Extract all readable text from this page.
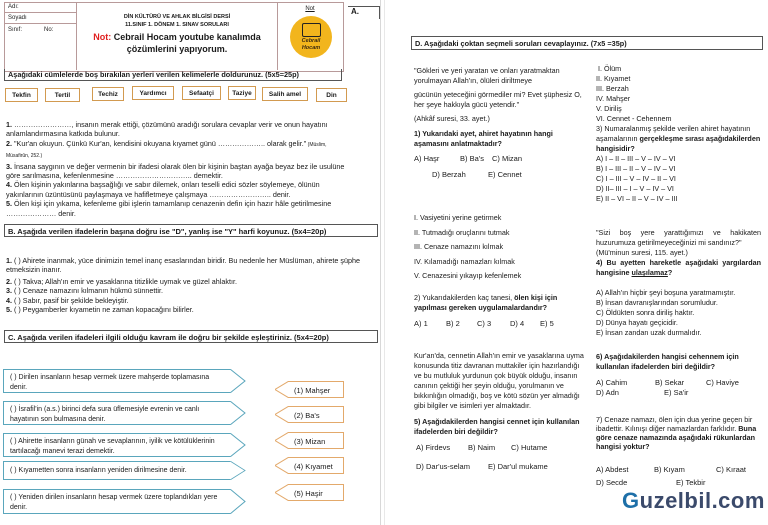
Adı:
Soyadı
Sınıf:	No:
DİN KÜLTÜRÜ VE AHLAK BİLGİSİ DERSİ
11.SINIF 1. DÖNEM 1. SINAV SORULARI
Not: Cebrail Hocam youtube kanalımda çözümlerini yapıyorum.
Not
Cebrail
Hocam
A.
Aşağıdaki cümlelerde boş bırakılan yerleri verilen kelimelerle doldurunuz. (5x5=25p)
Tekfin	Tertil	Techiz	Yardımcı	Sefaatçi	Taziye	Salih amel	Din
1. ……………………, insanın merak ettiği, çözümünü aradığı sorulara cevaplar verir ve onun hayatını anlamlandırmasına katkıda bulunur.
2. "Kur'an okuyun. Çünkü Kur'an, kendisini okuyana kıyamet günü ……………….. olarak gelir." (Müslim, Müsafirûn, 252.)
3. İnsana saygının ve değer vermenin bir ifadesi olarak ölen bir kişinin baştan ayağa beyaz bez ile usulüne göre sarılmasına, kefenlenmesine ………………………….. demektir.
4. Ölen kişinin yakınlarına başsağlığı ve sabır dilemek, onları teselli edici sözler söylemeye, ölünün yakınlarının üzüntüsünü paylaşmaya ve hafifletmeye çalışmaya …………………….. denir.
5. Ölen kişi için yıkama, kefenleme gibi işlerin tamamlanıp cenazenin defin için hazır hâle getirilmesine ………………… denir.
B. Aşağıda verilen ifadelerin başına doğru ise "D", yanlış ise "Y" harfi koyunuz. (5x4=20p)
1. ( ) Ahirete inanmak, yüce dinimizin temel inanç esaslarından biridir. Bu nedenle her Müslüman, ahirete şüphe etmeksizin inanır.
2. ( ) Takva; Allah'ın emir ve yasaklarına titizlikle uymak ve güzel ahlaktır.
3. ( ) Cenaze namazını kılmanın hükmü sünnettir.
4. ( ) Sabır, pasif bir şekilde bekleyiştir.
5. ( ) Peygamberler kıyametin ne zaman kopacağını bilirler.
C. Aşağıda verilen ifadeleri ilgili olduğu kavram ile doğru bir şekilde eşleştiriniz. (5x4=20p)
( ) Dirilen insanların hesap vermek üzere mahşerde toplamasına denir.
( ) İsrafil'in (a.s.) birinci defa sura üflemesiyle evrenin ve canlı hayatının son bulmasına denir.
( ) Ahirette insanların günah ve sevaplarının, iyilik ve kötülüklerinin tartılacağı manevi terazi demektir.
( ) Kıyametten sonra insanların yeniden dirilmesine denir.
( ) Yeniden dirilen insanların hesap vermek üzere toplandıkları yere denir.
(1) Mahşer
(2) Ba's
(3) Mizan
(4) Kıyamet
(5) Haşir
D. Aşağıdaki çoktan seçmeli soruları cevaplayınız. (7x5 =35p)
"Gökleri ve yeri yaratan ve onları yaratmaktan yorulmayan Allah'ın, ölüleri diriltmeye
gücünün yeteceğini görmediler mi? Evet şüphesiz O, her şeye hakkıyla gücü yetendir."
(Ahkâf suresi, 33. ayet.)
1) Yukarıdaki ayet, ahiret hayatının hangi aşamasını anlatmaktadır?
A) Haşr	B) Ba's C) Mizan
D) Berzah	E) Cennet
I. Vasiyetini yerine getirmek
II. Tutmadığı oruçlarını tutmak
III. Cenaze namazını kılmak
IV. Kılamadığı namazları kılmak
V. Cenazesini yıkayıp kefenlemek
2) Yukarıdakilerden kaç tanesi, ölen kişi için yapılması gereken uygulamalardandır?
A) 1 B) 2 C) 3	D) 4 E) 5
Kur'an'da, cennetin Allah'ın emir ve yasaklarına uyma konusunda titiz davranan muttakiler için hazırlandığı ve bu mutluluk yurdunun çok büyük olduğu, insanın canının çektiği her şeyin olduğu, yorulmanın ve bıkkınlığın olmadığı, boş ve kötü sözün yer almadığı gibi bilgiler ve isimleri yer almaktadır.
5) Aşağıdakilerden hangisi cennet için kullanılan ifadelerden biri değildir?
A) Firdevs B) Naim C) Hutame
D) Dar'us-selam E) Dar'ul mukame
I. Ölüm
II. Kıyamet
III. Berzah
IV. Mahşer
V. Diriliş
VI. Cennet - Cehennem
3) Numaralanmış şekilde verilen ahiret hayatının aşamalarının gerçekleşme sırası aşağıdakilerden hangisidir?
A) I – II – III – V – IV – VI
B) I – III – II – V – IV – VI
C) I – III – V – IV – II – VI
D) II– III – I – V – IV – VI
E) II – VI – II – V – IV – III
"Sizi boş yere yarattığımızı ve hakikaten huzurumuza getirilmeyeceğinizi mi sandınız?"
(Mü'minun suresi, 115. ayet.)
4) Bu ayetten hareketle aşağıdaki yargılardan hangisine ulaşılamaz?
A) Allah'ın hiçbir şeyi boşuna yaratmamıştır.
B) İnsan davranışlarından sorumludur.
C) Öldükten sonra diriliş haktır.
D) Dünya hayatı geçicidir.
E) İnsan zandan uzak durmalıdır.
6) Aşağıdakilerden hangisi cehennem için kullanılan ifadelerden biri değildir?
A) Cahim	B) Sekar	C) Haviye
D) Adn	E) Sa'ir
7) Cenaze namazı, ölen için dua yerine geçen bir ibadettir. Kılınışı diğer namazlardan farklıdır. Buna göre cenaze namazında aşağıdaki rükunlardan hangisi yoktur?
A) Abdest	B) Kıyam	C) Kıraat
D) Secde	E) Tekbir
Guzelbil.com
